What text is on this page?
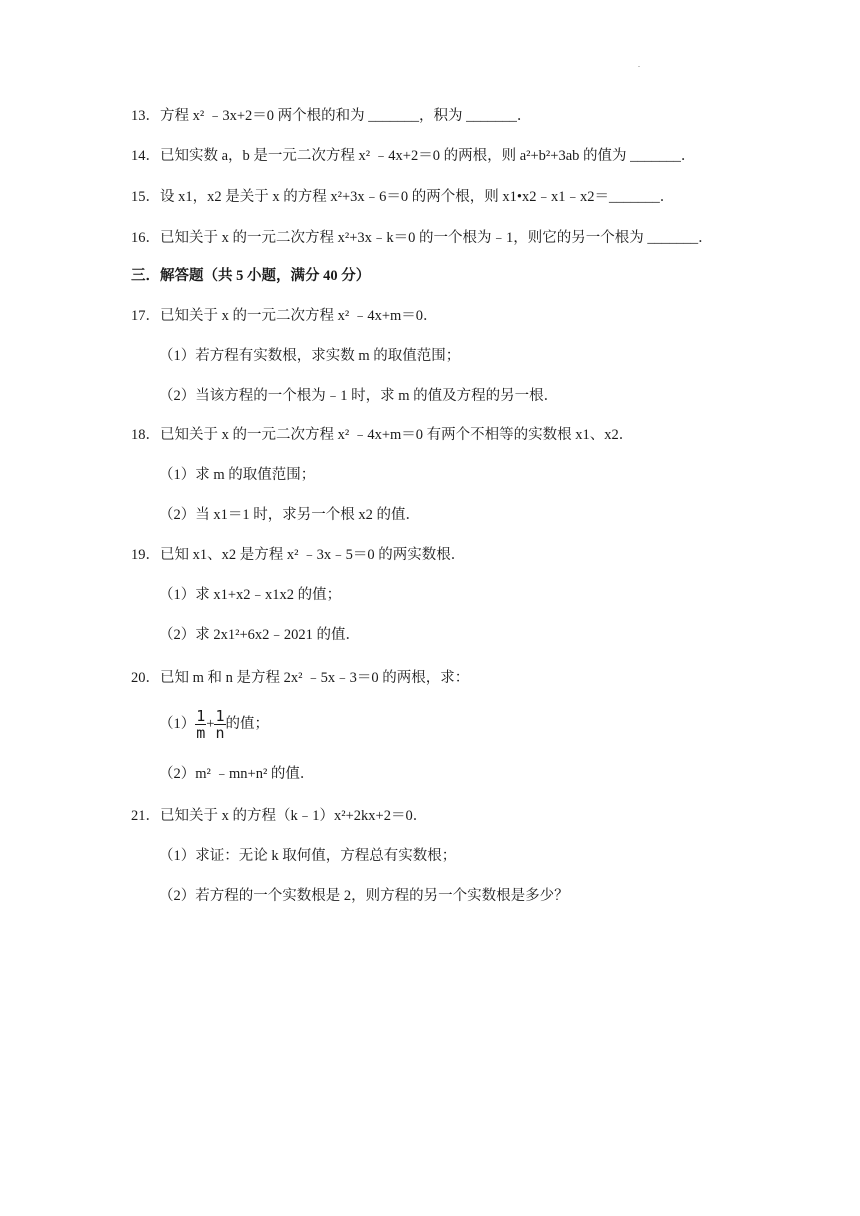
.
13．方程 x² ﹣3x+2＝0 两个根的和为 _______，积为 _______．
14．已知实数 a，b 是一元二次方程 x² ﹣4x+2＝0 的两根，则 a²+b²+3ab 的值为 _______．
15．设 x1，x2 是关于 x 的方程 x²+3x﹣6＝0 的两个根，则 x1•x2﹣x1﹣x2＝_______．
16．已知关于 x 的一元二次方程 x²+3x﹣k＝0 的一个根为﹣1，则它的另一个根为 _______．
三．解答题（共 5 小题，满分 40 分）
17．已知关于 x 的一元二次方程 x² ﹣4x+m＝0．
（1）若方程有实数根，求实数 m 的取值范围；
（2）当该方程的一个根为﹣1 时，求 m 的值及方程的另一根．
18．已知关于 x 的一元二次方程 x² ﹣4x+m＝0 有两个不相等的实数根 x1、x2．
（1）求 m 的取值范围；
（2）当 x1＝1 时，求另一个根 x2 的值．
19．已知 x1、x2 是方程 x² ﹣3x﹣5＝0 的两实数根．
（1）求 x1+x2﹣x1x2 的值；
（2）求 2x1²+6x2﹣2021 的值．
20．已知 m 和 n 是方程 2x² ﹣5x﹣3＝0 的两根，求：
$(1) \frac{1}{m} + \frac{1}{n}$ 的值；
（2）m² ﹣mn+n² 的值．
21．已知关于 x 的方程（k﹣1）x²+2kx+2＝0．
（1）求证：无论 k 取何值，方程总有实数根；
（2）若方程的一个实数根是 2，则方程的另一个实数根是多少？
